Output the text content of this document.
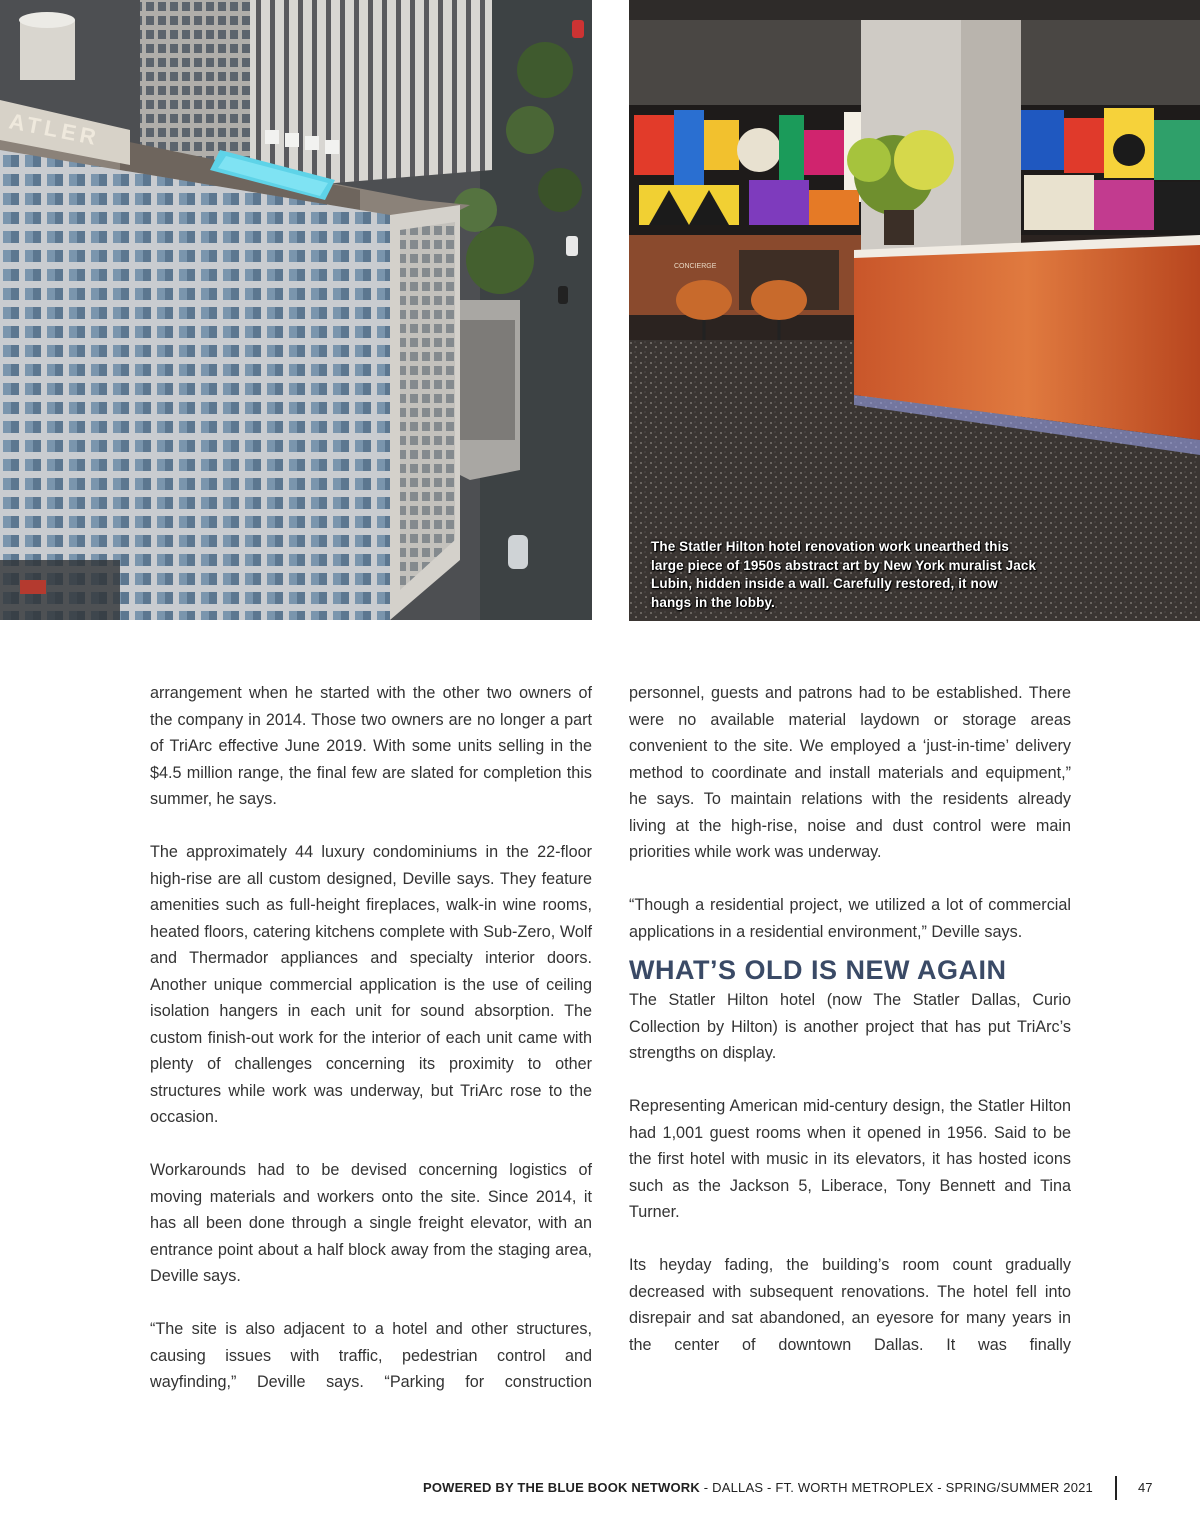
ATLER
CONCIERGE
The Statler Hilton hotel renovation work unearthed this large piece of 1950s abstract art by New York muralist Jack Lubin, hidden inside a wall. Carefully restored, it now hangs in the lobby.

arrangement when he started with the other two owners of the company in 2014. Those two owners are no longer a part of TriArc effective June 2019. With some units selling in the $4.5 million range, the final few are slated for completion this summer, he says.

The approximately 44 luxury condominiums in the 22-floor high-rise are all custom designed, Deville says. They feature amenities such as full-height fireplaces, walk-in wine rooms, heated floors, catering kitchens complete with Sub-Zero, Wolf and Thermador appliances and specialty interior doors. Another unique commercial application is the use of ceiling isolation hangers in each unit for sound absorption. The custom finish-out work for the interior of each unit came with plenty of challenges concerning its proximity to other structures while work was underway, but TriArc rose to the occasion.

Workarounds had to be devised concerning logistics of moving materials and workers onto the site. Since 2014, it has all been done through a single freight elevator, with an entrance point about a half block away from the staging area, Deville says.

“The site is also adjacent to a hotel and other structures, causing issues with traffic, pedestrian control and wayfinding,” Deville says. “Parking for construction

personnel, guests and patrons had to be established. There were no available material laydown or storage areas convenient to the site. We employed a ‘just-in-time’ delivery method to coordinate and install materials and equipment,” he says. To maintain relations with the residents already living at the high-rise, noise and dust control were main priorities while work was underway.

“Though a residential project, we utilized a lot of commercial applications in a residential environment,” Deville says.

WHAT’S OLD IS NEW AGAIN

The Statler Hilton hotel (now The Statler Dallas, Curio Collection by Hilton) is another project that has put TriArc’s strengths on display.

Representing American mid-century design, the Statler Hilton had 1,001 guest rooms when it opened in 1956. Said to be the first hotel with music in its elevators, it has hosted icons such as the Jackson 5, Liberace, Tony Bennett and Tina Turner.

Its heyday fading, the building’s room count gradually decreased with subsequent renovations. The hotel fell into disrepair and sat abandoned, an eyesore for many years in the center of downtown Dallas. It was finally

POWERED BY THE BLUE BOOK NETWORK - DALLAS - FT. WORTH METROPLEX - SPRING/SUMMER 2021	47
